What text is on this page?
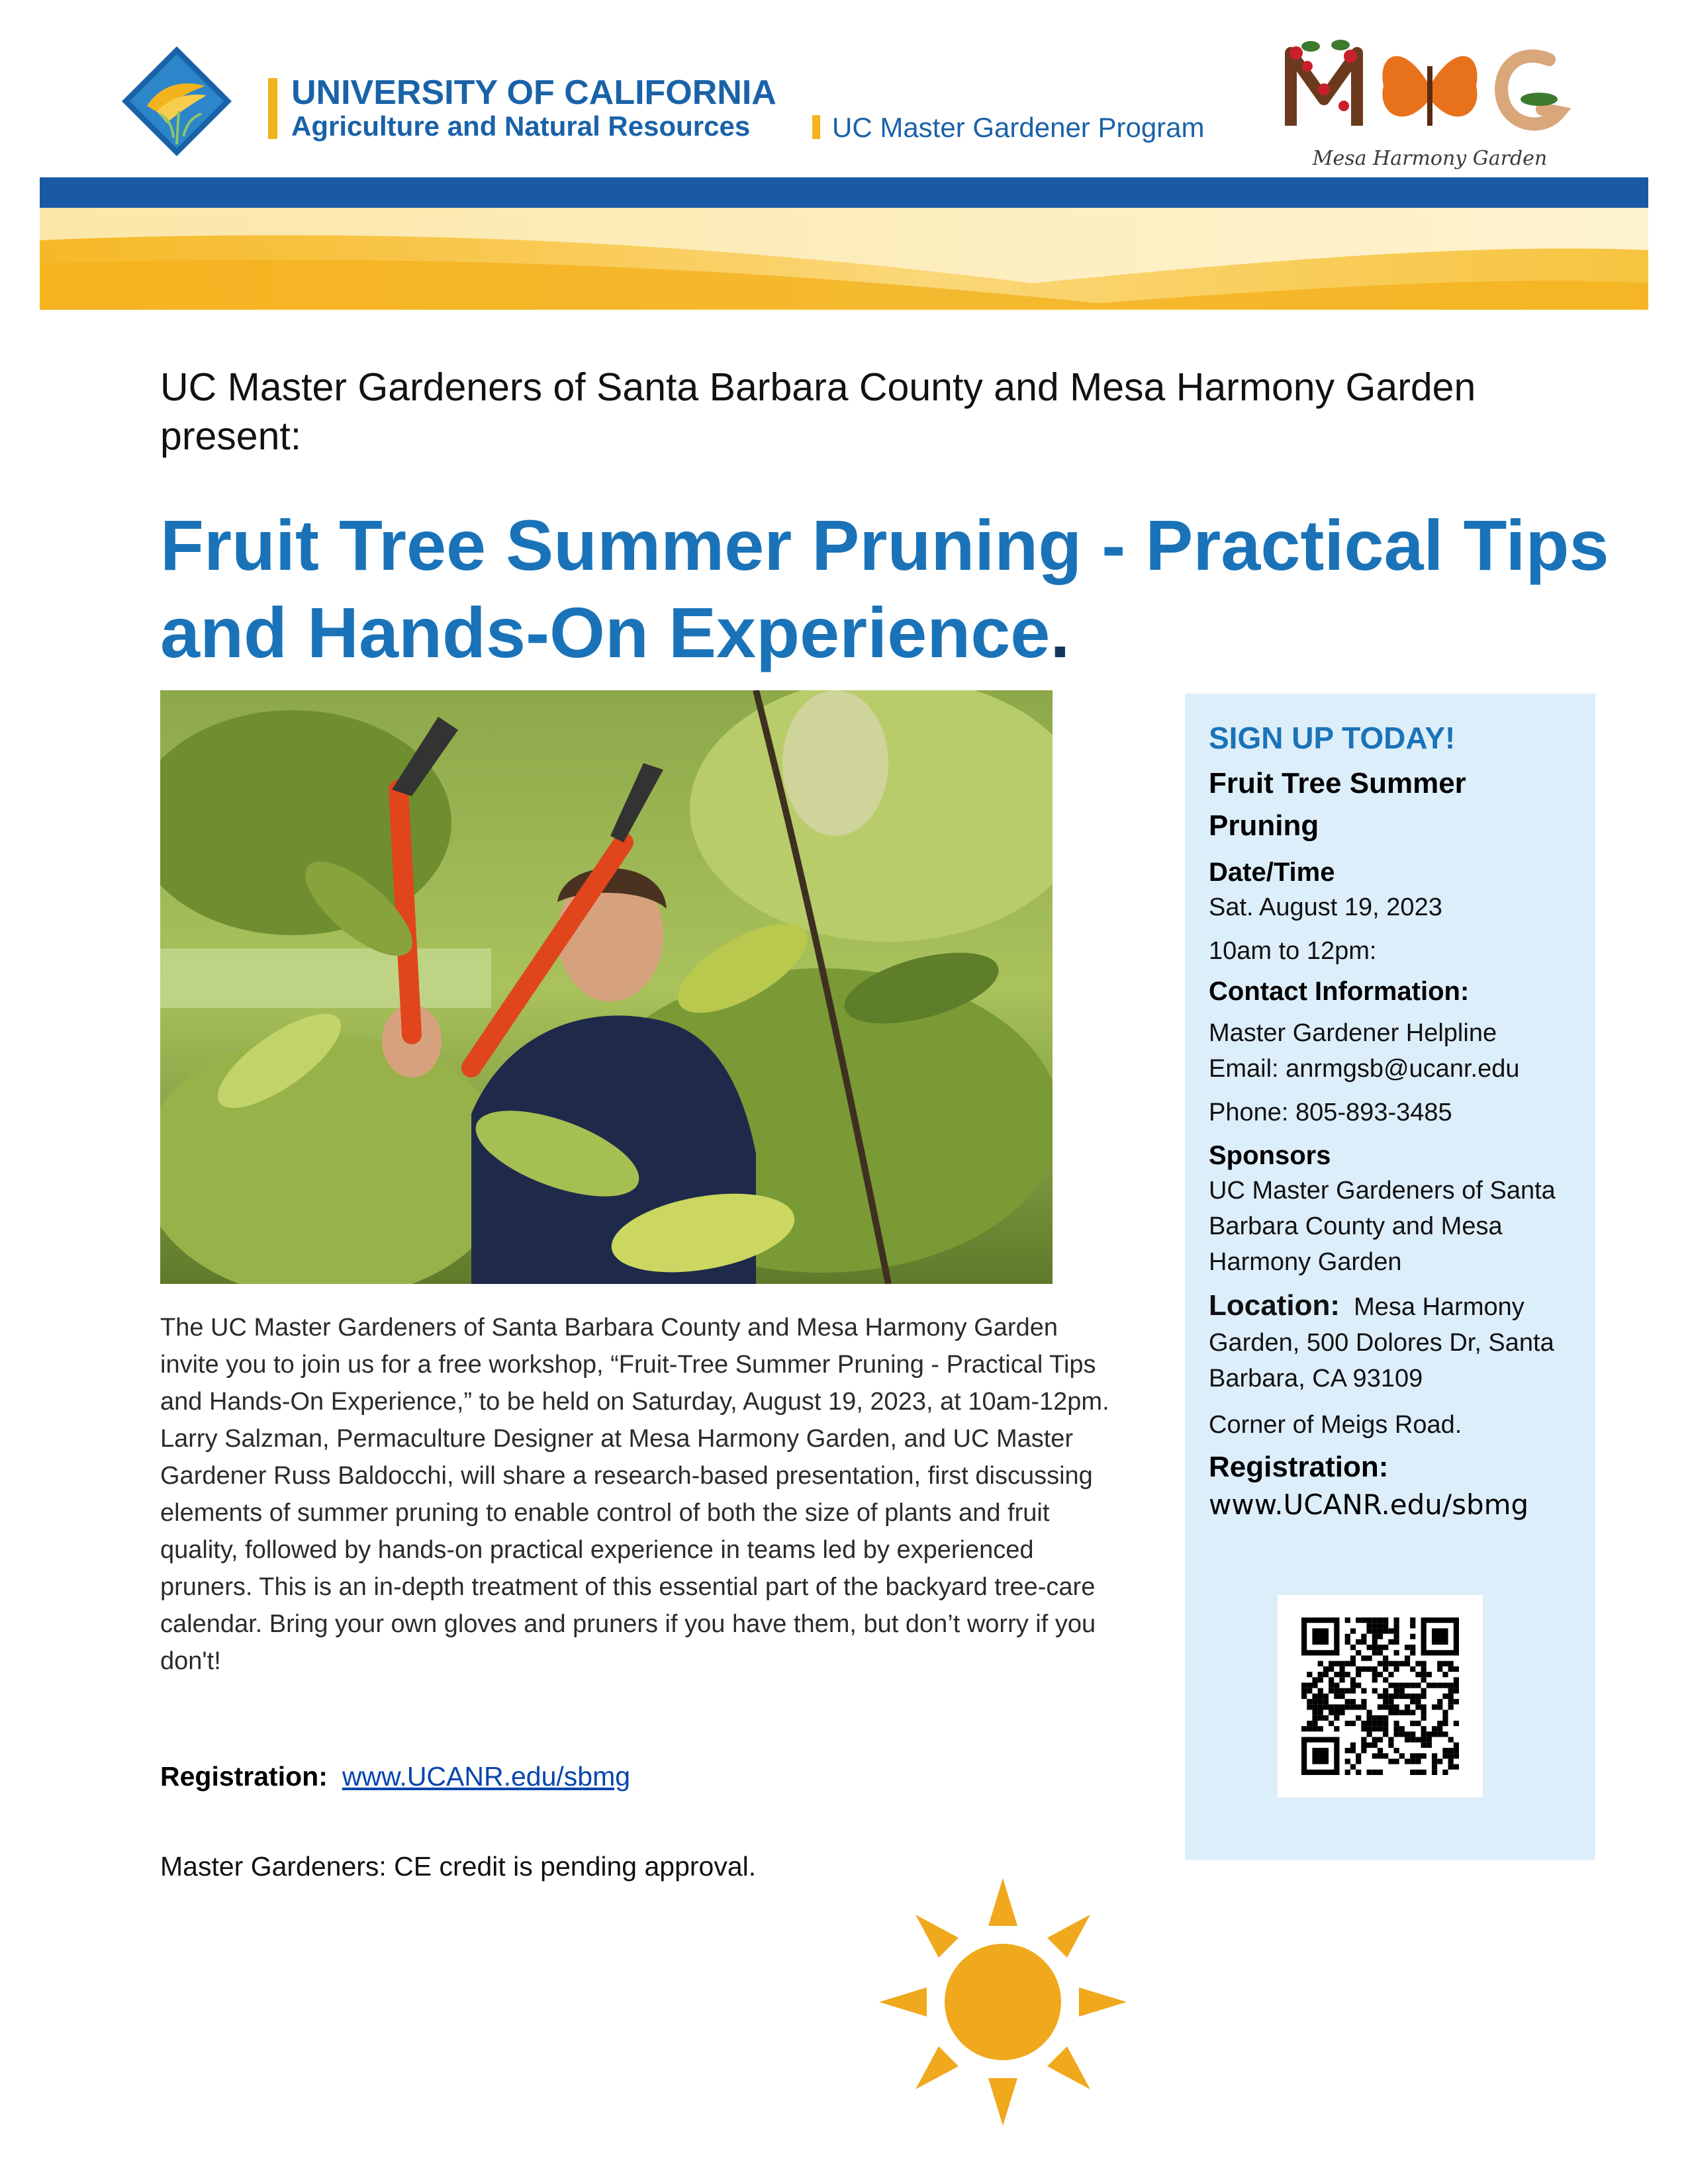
UNIVERSITY OF CALIFORNIA
Agriculture and Natural Resources	UC Master Gardener Program
Mesa Harmony Garden
UC Master Gardeners of Santa Barbara County and Mesa Harmony Garden present:
Fruit Tree Summer Pruning - Practical Tips and Hands-On Experience.
The UC Master Gardeners of Santa Barbara County and Mesa Harmony Garden invite you to join us for a free workshop, “Fruit-Tree Summer Pruning - Practical Tips and Hands-On Experience,” to be held on Saturday, August 19, 2023, at 10am-12pm. Larry Salzman, Permaculture Designer at Mesa Harmony Garden, and UC Master Gardener Russ Baldocchi, will share a research-based presentation, first discussing elements of summer pruning to enable control of both the size of plants and fruit quality, followed by hands-on practical experience in teams led by experienced pruners. This is an in-depth treatment of this essential part of the backyard tree-care calendar. Bring your own gloves and pruners if you have them, but don’t worry if you don't!
Registration: www.UCANR.edu/sbmg
Master Gardeners: CE credit is pending approval.
SIGN UP TODAY!
Fruit Tree Summer Pruning
Date/Time
Sat. August 19, 2023
10am to 12pm:
Contact Information:
Master Gardener Helpline
Email: anrmgsb@ucanr.edu
Phone: 805-893-3485
Sponsors
UC Master Gardeners of Santa Barbara County and Mesa Harmony Garden
Location: Mesa Harmony Garden, 500 Dolores Dr, Santa Barbara, CA 93109
Corner of Meigs Road.
Registration:
www.UCANR.edu/sbmg
